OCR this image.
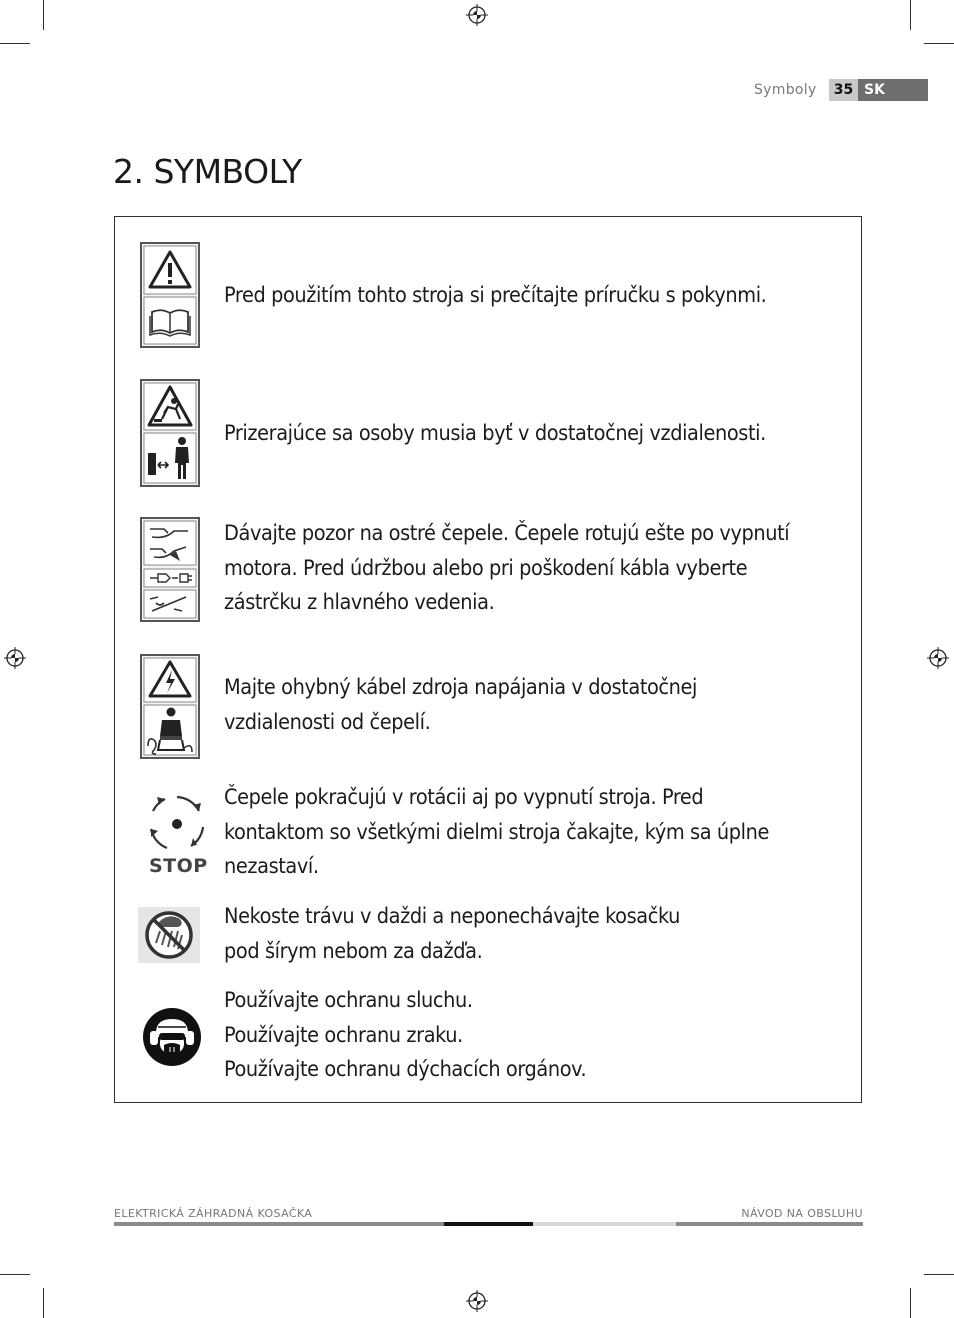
Symboly	35 SK
2. SYMBOLY
Pred použitím tohto stroja si prečítajte príručku s pokynmi.
Prizerajúce sa osoby musia byť v dostatočnej vzdialenosti.
Dávajte pozor na ostré čepele. Čepele rotujú ešte po vypnutí
motora. Pred údržbou alebo pri poškodení kábla vyberte
zástrčku z hlavného vedenia.
Majte ohybný kábel zdroja napájania v dostatočnej
vzdialenosti od čepelí.
STOP
Čepele pokračujú v rotácii aj po vypnutí stroja. Pred
kontaktom so všetkými dielmi stroja čakajte, kým sa úplne
nezastaví.
Nekoste trávu v daždi a neponechávajte kosačku
pod šírym nebom za dažďa.
Používajte ochranu sluchu.
Používajte ochranu zraku.
Používajte ochranu dýchacích orgánov.
ELEKTRICKÁ ZÁHRADNÁ KOSAČKA	NÁVOD NA OBSLUHU
